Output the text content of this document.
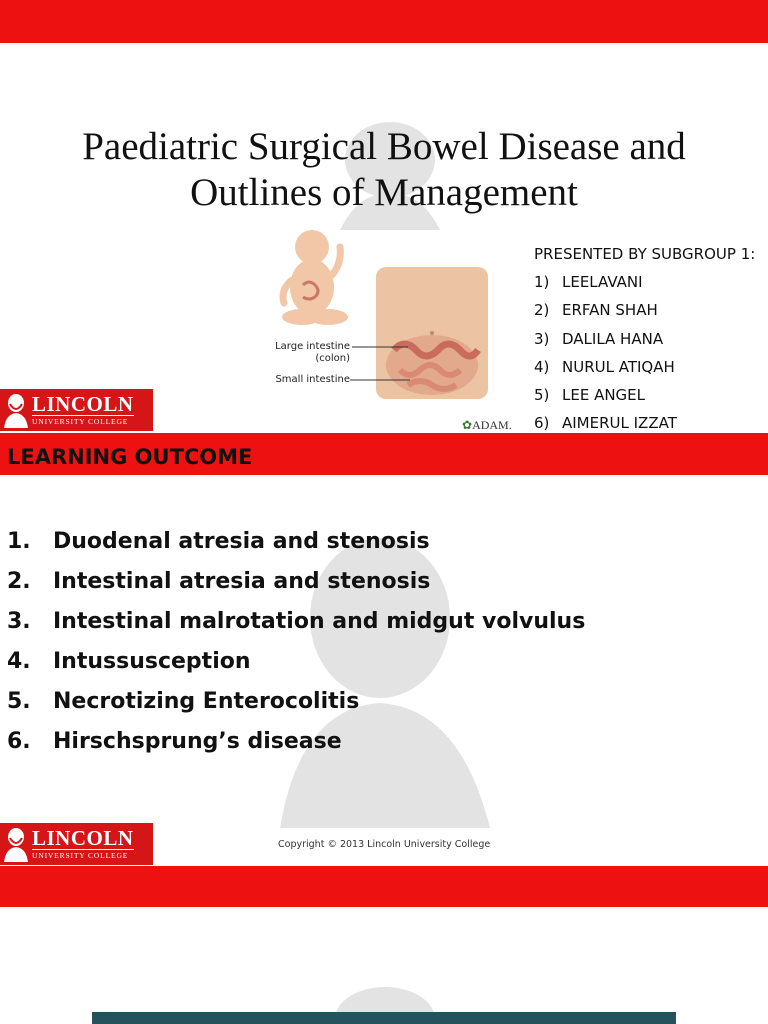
Paediatric Surgical Bowel Disease and
Outlines of Management
Large intestine
(colon)
Small intestine
✿ADAM.
PRESENTED BY SUBGROUP 1:
1) LEELAVANI
2) ERFAN SHAH
3) DALILA HANA
4) NURUL ATIQAH
5) LEE ANGEL
6) AIMERUL IZZAT
LINCOLN
UNIVERSITY COLLEGE
LEARNING OUTCOME
1.	Duodenal atresia and stenosis
2.	Intestinal atresia and stenosis
3.	Intestinal malrotation and midgut volvulus
4.	Intussusception
5.	Necrotizing Enterocolitis
6.	Hirschsprung’s disease
LINCOLN
UNIVERSITY COLLEGE
Copyright © 2013 Lincoln University College
